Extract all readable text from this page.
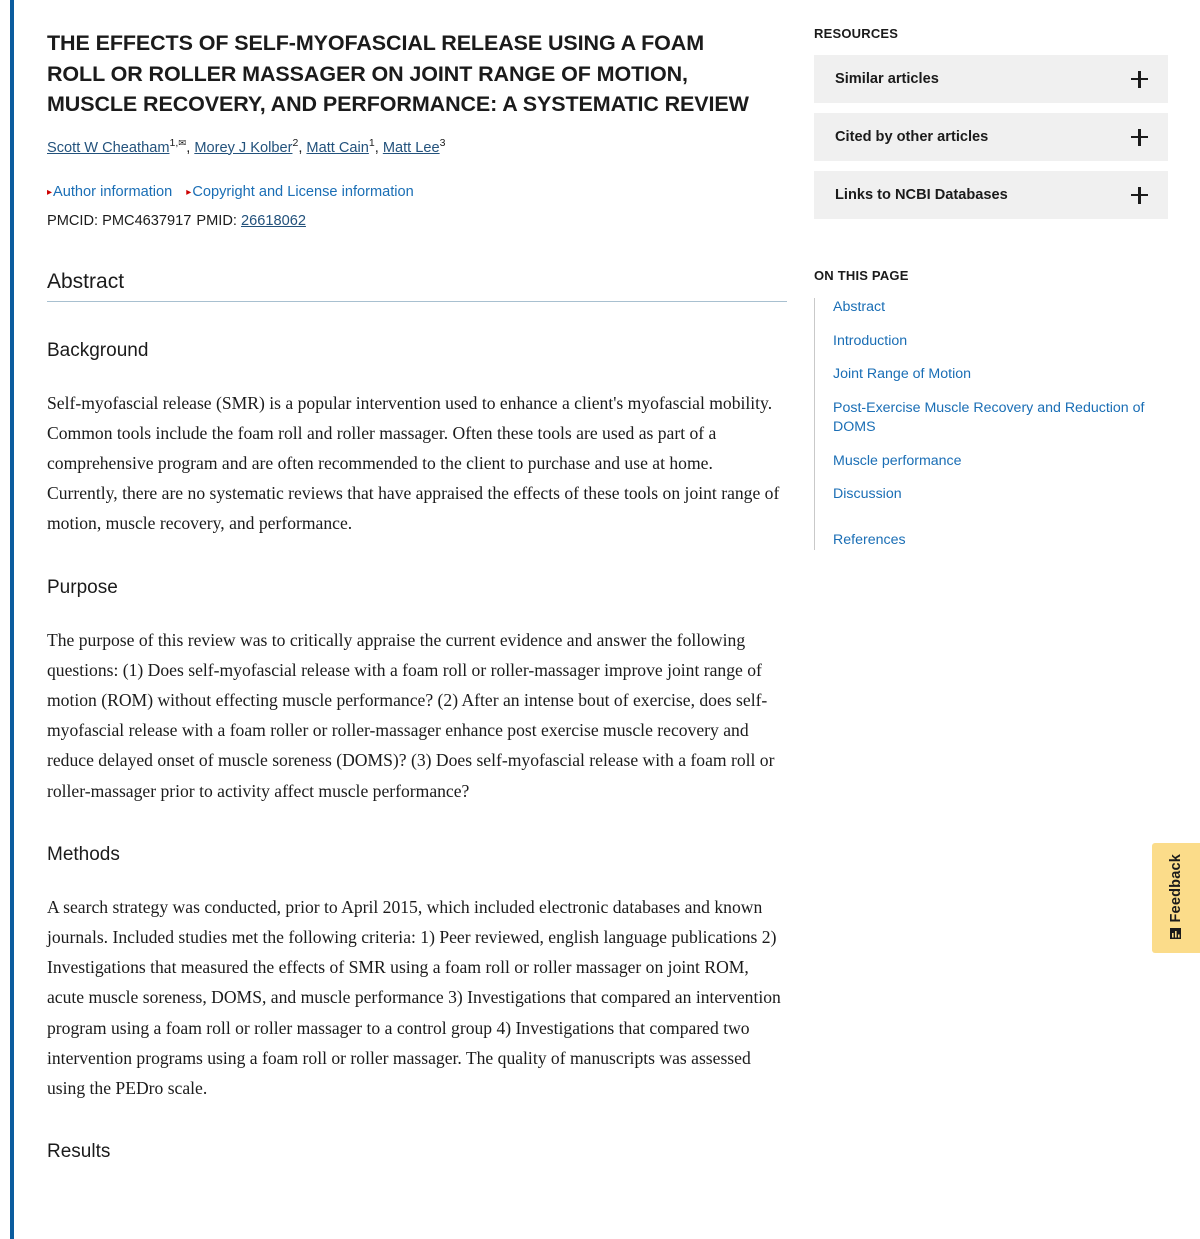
THE EFFECTS OF SELF-MYOFASCIAL RELEASE USING A FOAM ROLL OR ROLLER MASSAGER ON JOINT RANGE OF MOTION, MUSCLE RECOVERY, AND PERFORMANCE: A SYSTEMATIC REVIEW
Scott W Cheatham$^{1,✉}$, Morey J Kolber$^2$, Matt Cain$^1$, Matt Lee$^3$
▸Author information ▸Copyright and License information
PMCID: PMC4637917 PMID: 26618062
Abstract
Background

Self-myofascial release (SMR) is a popular intervention used to enhance a client's myofascial mobility. Common tools include the foam roll and roller massager. Often these tools are used as part of a comprehensive program and are often recommended to the client to purchase and use at home. Currently, there are no systematic reviews that have appraised the effects of these tools on joint range of motion, muscle recovery, and performance.

Purpose

The purpose of this review was to critically appraise the current evidence and answer the following questions: (1) Does self-myofascial release with a foam roll or roller-massager improve joint range of motion (ROM) without effecting muscle performance? (2) After an intense bout of exercise, does self-myofascial release with a foam roller or roller-massager enhance post exercise muscle recovery and reduce delayed onset of muscle soreness (DOMS)? (3) Does self-myofascial release with a foam roll or roller-massager prior to activity affect muscle performance?

Methods

A search strategy was conducted, prior to April 2015, which included electronic databases and known journals. Included studies met the following criteria: 1) Peer reviewed, english language publications 2) Investigations that measured the effects of SMR using a foam roll or roller massager on joint ROM, acute muscle soreness, DOMS, and muscle performance 3) Investigations that compared an intervention program using a foam roll or roller massager to a control group 4) Investigations that compared two intervention programs using a foam roll or roller massager. The quality of manuscripts was assessed using the PEDro scale.

Results

RESOURCES
Similar articles
Cited by other articles
Links to NCBI Databases
ON THIS PAGE
Abstract
Introduction
Joint Range of Motion
Post-Exercise Muscle Recovery and Reduction of DOMS
Muscle performance
Discussion
References
Feedback
